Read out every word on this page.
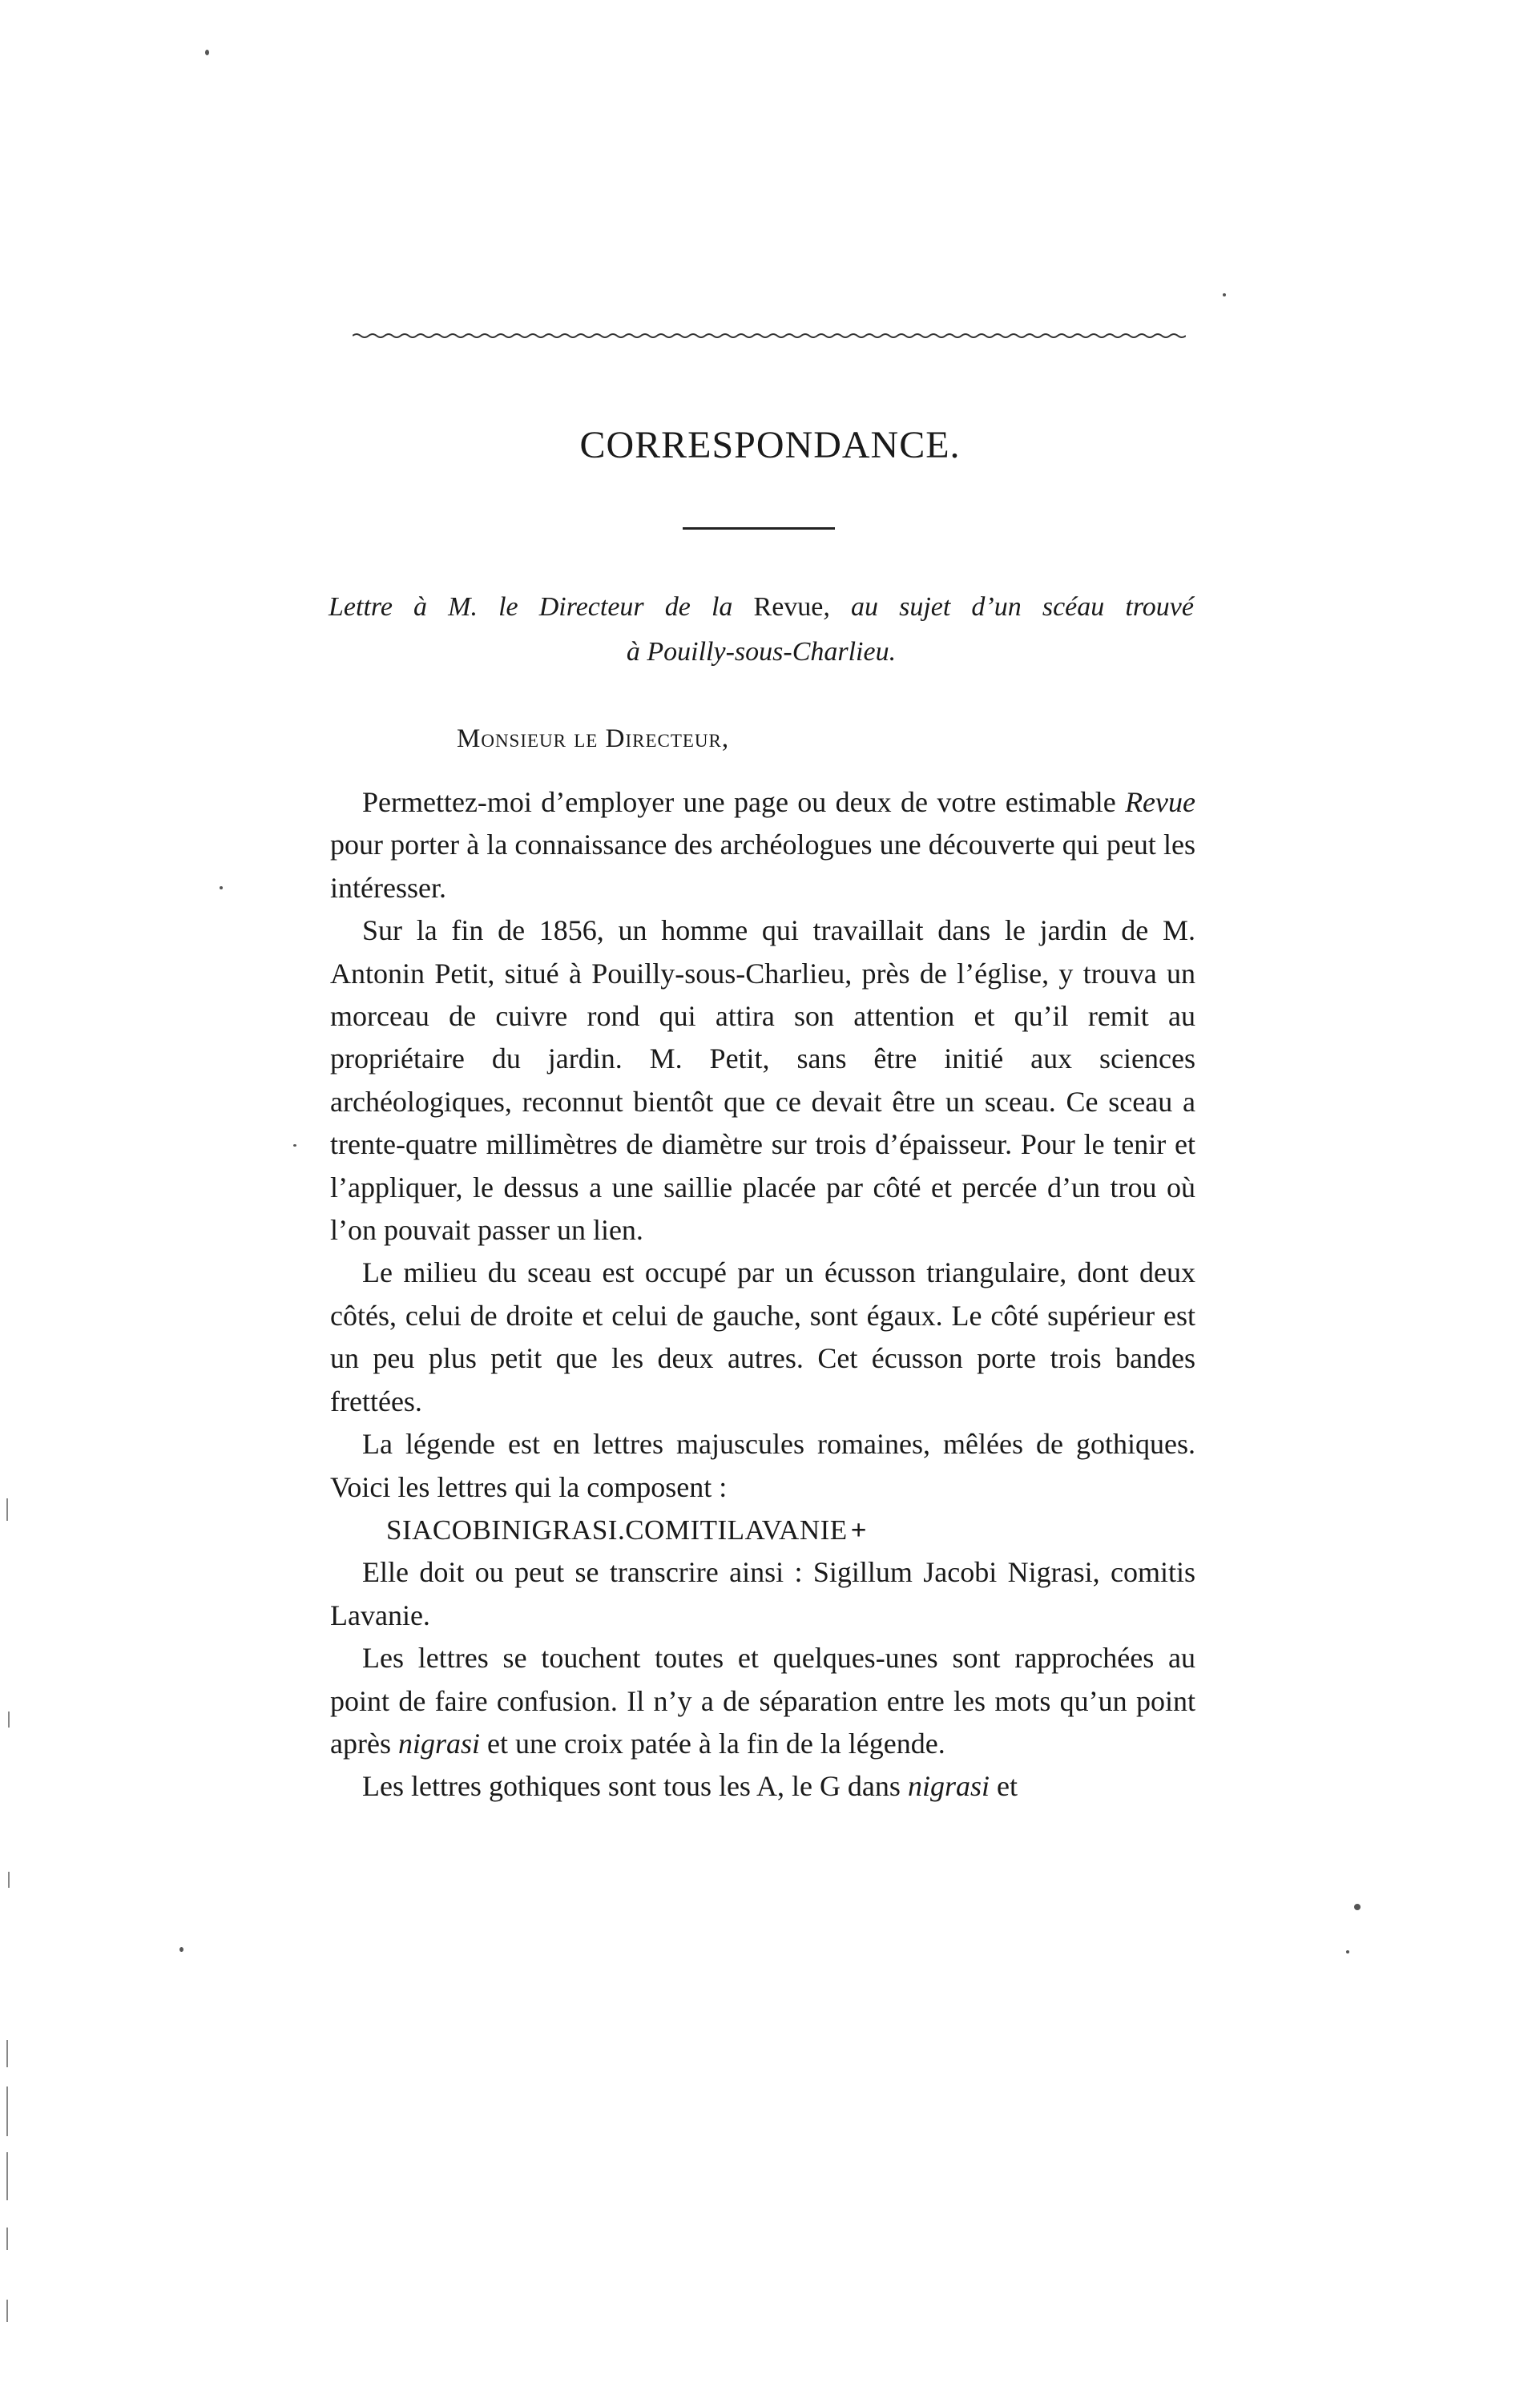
CORRESPONDANCE.
Lettre à M. le Directeur de la Revue, au sujet d’un scéau trouvé
à Pouilly-sous-Charlieu.
Monsieur le Directeur,

Permettez-moi d’employer une page ou deux de votre estimable Revue pour porter à la connaissance des archéologues une découverte qui peut les intéresser.

Sur la fin de 1856, un homme qui travaillait dans le jardin de M. Antonin Petit, situé à Pouilly-sous-Charlieu, près de l’église, y trouva un morceau de cuivre rond qui attira son attention et qu’il remit au propriétaire du jardin. M. Petit, sans être initié aux sciences archéologiques, reconnut bientôt que ce devait être un sceau. Ce sceau a trente-quatre millimètres de diamètre sur trois d’épaisseur. Pour le tenir et l’appliquer, le dessus a une saillie placée par côté et percée d’un trou où l’on pouvait passer un lien.

Le milieu du sceau est occupé par un écusson triangulaire, dont deux côtés, celui de droite et celui de gauche, sont égaux. Le côté supérieur est un peu plus petit que les deux autres. Cet écusson porte trois bandes frettées.

La légende est en lettres majuscules romaines, mêlées de gothiques. Voici les lettres qui la composent :

SIACOBINIGRASI.COMITILAVANIE +

Elle doit ou peut se transcrire ainsi : Sigillum Jacobi Nigrasi, comitis Lavanie.

Les lettres se touchent toutes et quelques-unes sont rapprochées au point de faire confusion. Il n’y a de séparation entre les mots qu’un point après nigrasi et une croix patée à la fin de la légende.

Les lettres gothiques sont tous les A, le G dans nigrasi et
